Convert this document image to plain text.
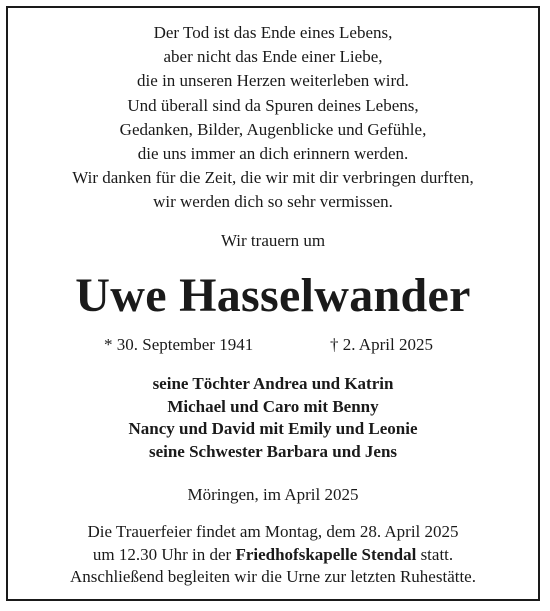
Der Tod ist das Ende eines Lebens,
aber nicht das Ende einer Liebe,
die in unseren Herzen weiterleben wird.
Und überall sind da Spuren deines Lebens,
Gedanken, Bilder, Augenblicke und Gefühle,
die uns immer an dich erinnern werden.
Wir danken für die Zeit, die wir mit dir verbringen durften,
wir werden dich so sehr vermissen.
Wir trauern um
Uwe Hasselwander
* 30. September 1941	† 2. April 2025
seine Töchter Andrea und Katrin
Michael und Caro mit Benny
Nancy und David mit Emily und Leonie
seine Schwester Barbara und Jens
Möringen, im April 2025
Die Trauerfeier findet am Montag, dem 28. April 2025
um 12.30 Uhr in der Friedhofskapelle Stendal statt.
Anschließend begleiten wir die Urne zur letzten Ruhestätte.
